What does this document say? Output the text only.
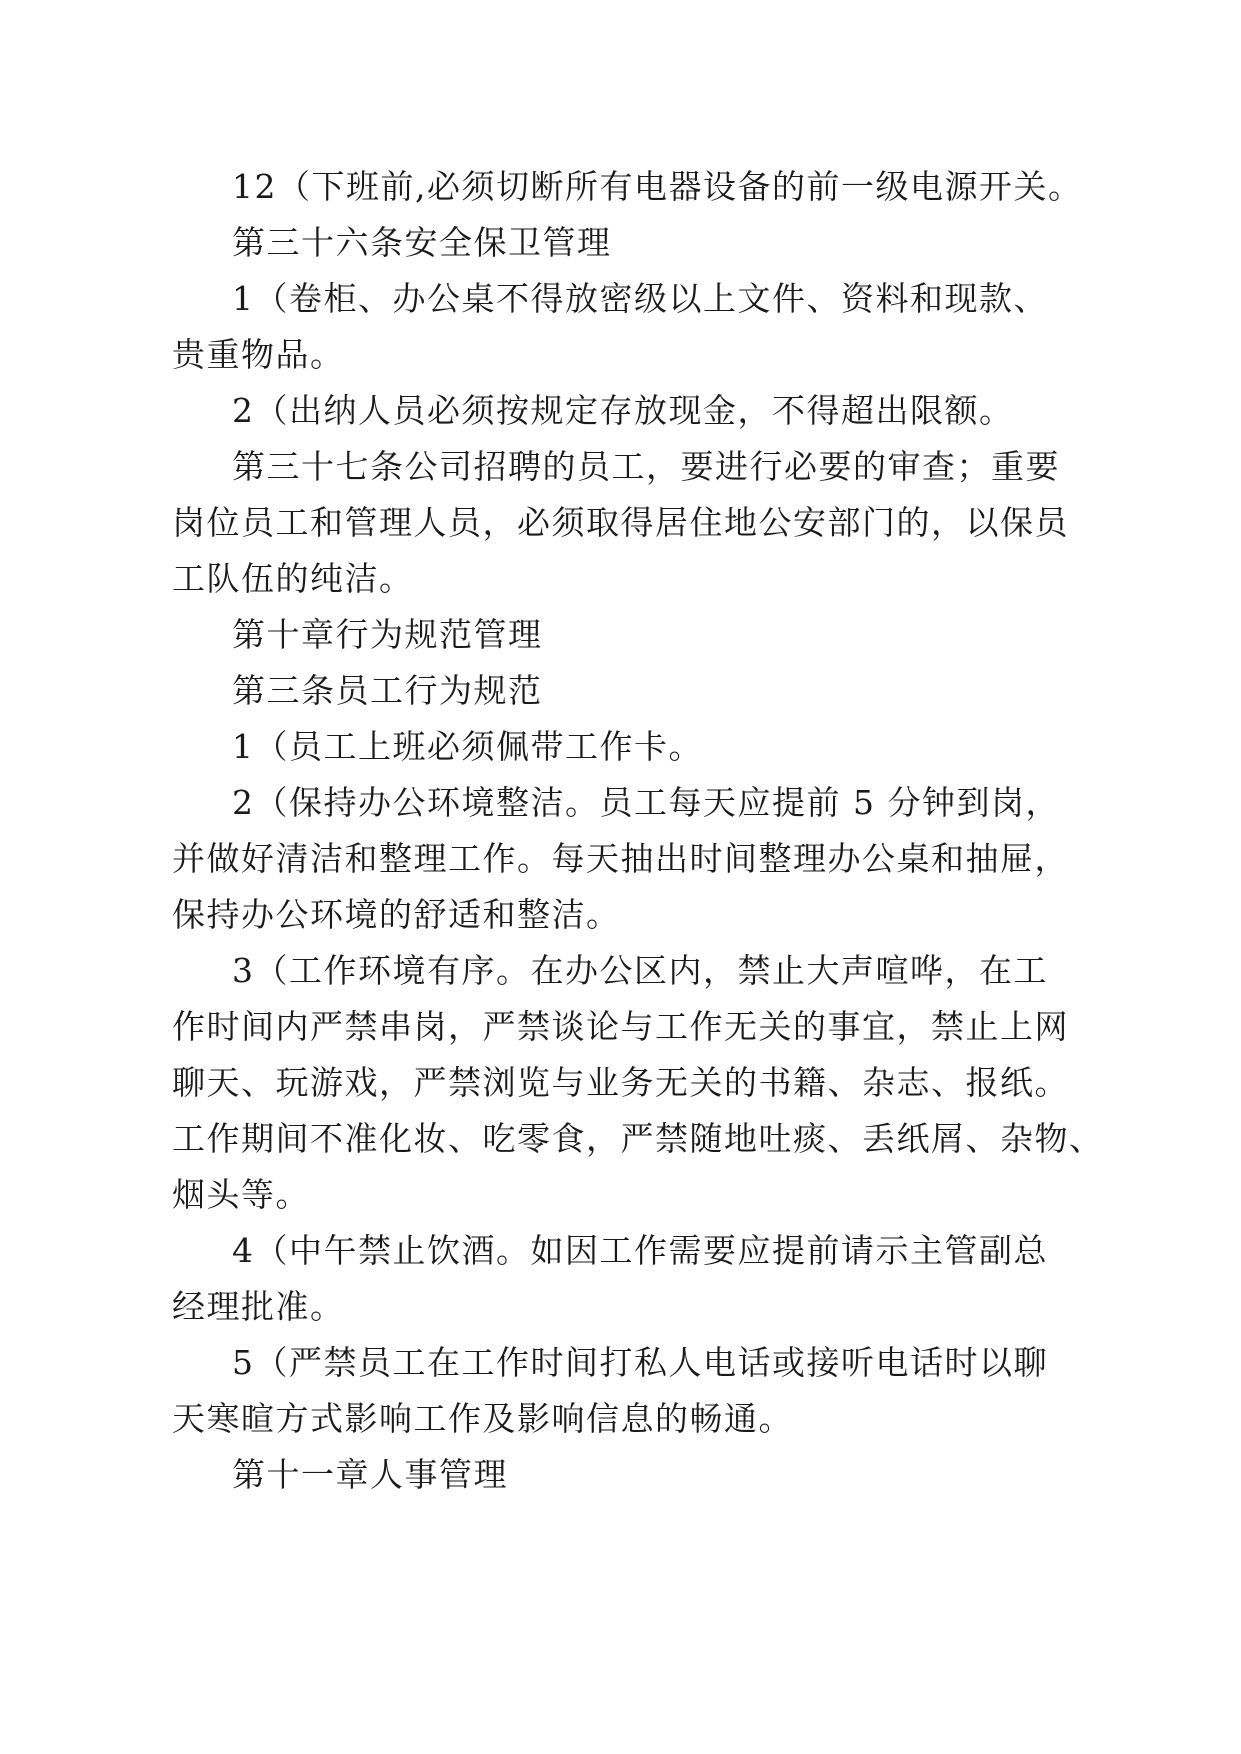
12（下班前,必须切断所有电器设备的前一级电源开关。
第三十六条安全保卫管理
1（卷柜、办公桌不得放密级以上文件、资料和现款、
贵重物品。
2（出纳人员必须按规定存放现金，不得超出限额。
第三十七条公司招聘的员工，要进行必要的审查；重要
岗位员工和管理人员，必须取得居住地公安部门的，以保员
工队伍的纯洁。
第十章行为规范管理
第三条员工行为规范
1（员工上班必须佩带工作卡。
2（保持办公环境整洁。员工每天应提前 5 分钟到岗，
并做好清洁和整理工作。每天抽出时间整理办公桌和抽屉，
保持办公环境的舒适和整洁。
3（工作环境有序。在办公区内，禁止大声喧哗，在工
作时间内严禁串岗，严禁谈论与工作无关的事宜，禁止上网
聊天、玩游戏，严禁浏览与业务无关的书籍、杂志、报纸。
工作期间不准化妆、吃零食，严禁随地吐痰、丢纸屑、杂物、
烟头等。
4（中午禁止饮酒。如因工作需要应提前请示主管副总
经理批准。
5（严禁员工在工作时间打私人电话或接听电话时以聊
天寒暄方式影响工作及影响信息的畅通。
第十一章人事管理
